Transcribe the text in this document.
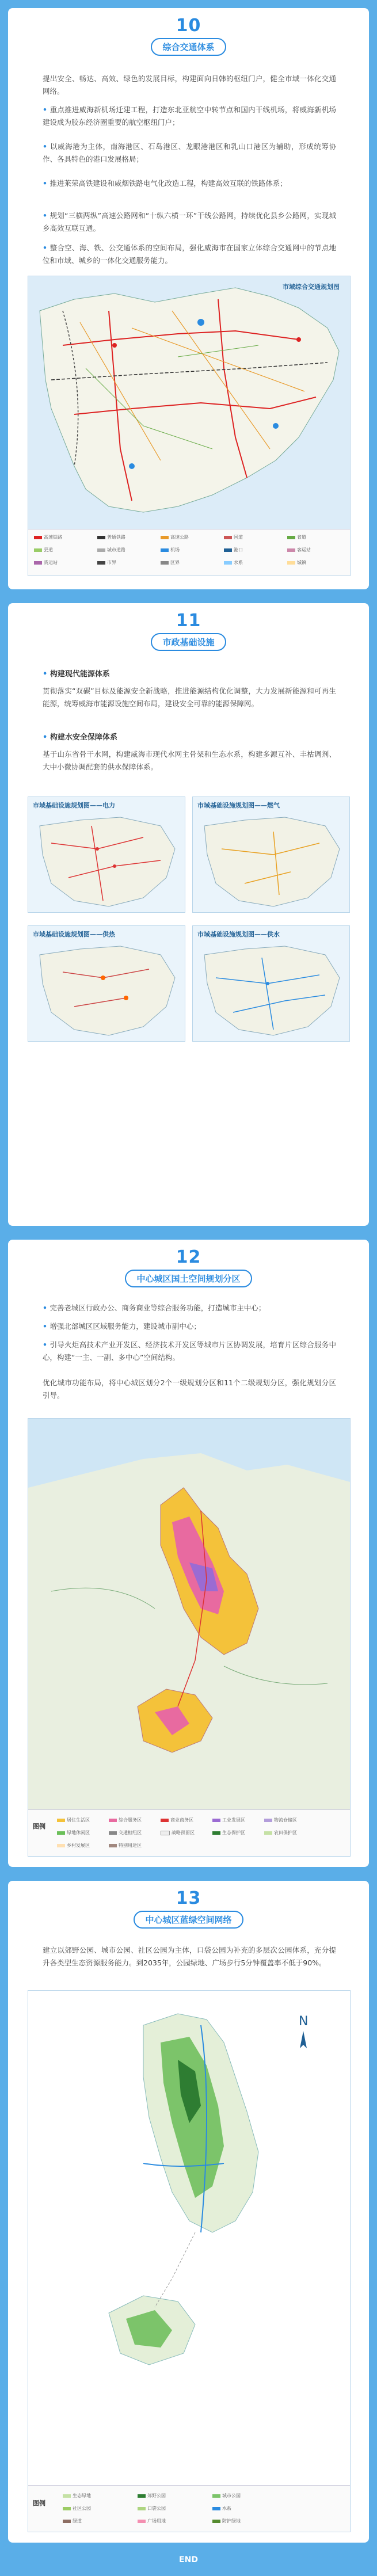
10
综合交通体系
提出安全、畅达、高效、绿色的发展目标，构建面向日韩的枢纽门户，健全市域一体化交通网络。
• 重点推进威海新机场迁建工程，打造东北亚航空中转节点和国内干线机场，将威海新机场建设成为胶东经济圈重要的航空枢纽门户；
• 以威海港为主体，南海港区、石岛港区、龙眼港港区和乳山口港区为辅助，形成统筹协作、各具特色的港口发展格局；
• 推进莱荣高铁建设和威烟铁路电气化改造工程，构建高效互联的铁路体系；
• 规划“三横两纵”高速公路网和“十纵六横一环”干线公路网，持续优化县乡公路网，实现城乡高效互联互通。
• 整合空、海、铁、公交通体系的空间布局，强化威海市在国家立体综合交通网中的节点地位和市域、城乡的一体化交通服务能力。
市域综合交通规划图
高速铁路	普通铁路	高速公路	国道	省道
县道	城市道路	机场	港口	客运站
货运站	市界	区界	水系	城镇
11
市政基础设施
• 构建现代能源体系
贯彻落实“双碳”目标及能源安全新战略，推进能源结构优化调整，大力发展新能源和可再生能源，统筹威海市能源设施空间布局，建设安全可靠的能源保障网。
• 构建水安全保障体系
基于山东省骨干水网，构建威海市现代水网主骨架和生态水系，构建多源互补、丰枯调剂、大中小微协调配套的供水保障体系。
市域基础设施规划图——电力	市域基础设施规划图——燃气
市域基础设施规划图——供热	市域基础设施规划图——供水
12
中心城区国土空间规划分区
• 完善老城区行政办公、商务商业等综合服务功能，打造城市主中心；
• 增强北部城区区域服务能力，建设城市副中心；
• 引导火炬高技术产业开发区、经济技术开发区等城市片区协调发展，培育片区综合服务中心，构建“一主、一副、多中心”空间结构。
优化城市功能布局，将中心城区划分2个一级规划分区和11个二级规划分区，强化规划分区引导。
图例
居住生活区	综合服务区	商业商务区	工业发展区	物流仓储区
绿地休闲区	交通枢纽区	战略预留区	生态保护区	农田保护区
乡村发展区	特别用途区
13
中心城区蓝绿空间网络
建立以郊野公园、城市公园、社区公园为主体，口袋公园为补充的多层次公园体系，充分提升各类型生态资源服务能力。到2035年，公园绿地、广场步行5分钟覆盖率不低于90%。
N
图例
生态绿地	郊野公园	城市公园
社区公园	口袋公园	水系
绿道	广场用地	防护绿地
END
